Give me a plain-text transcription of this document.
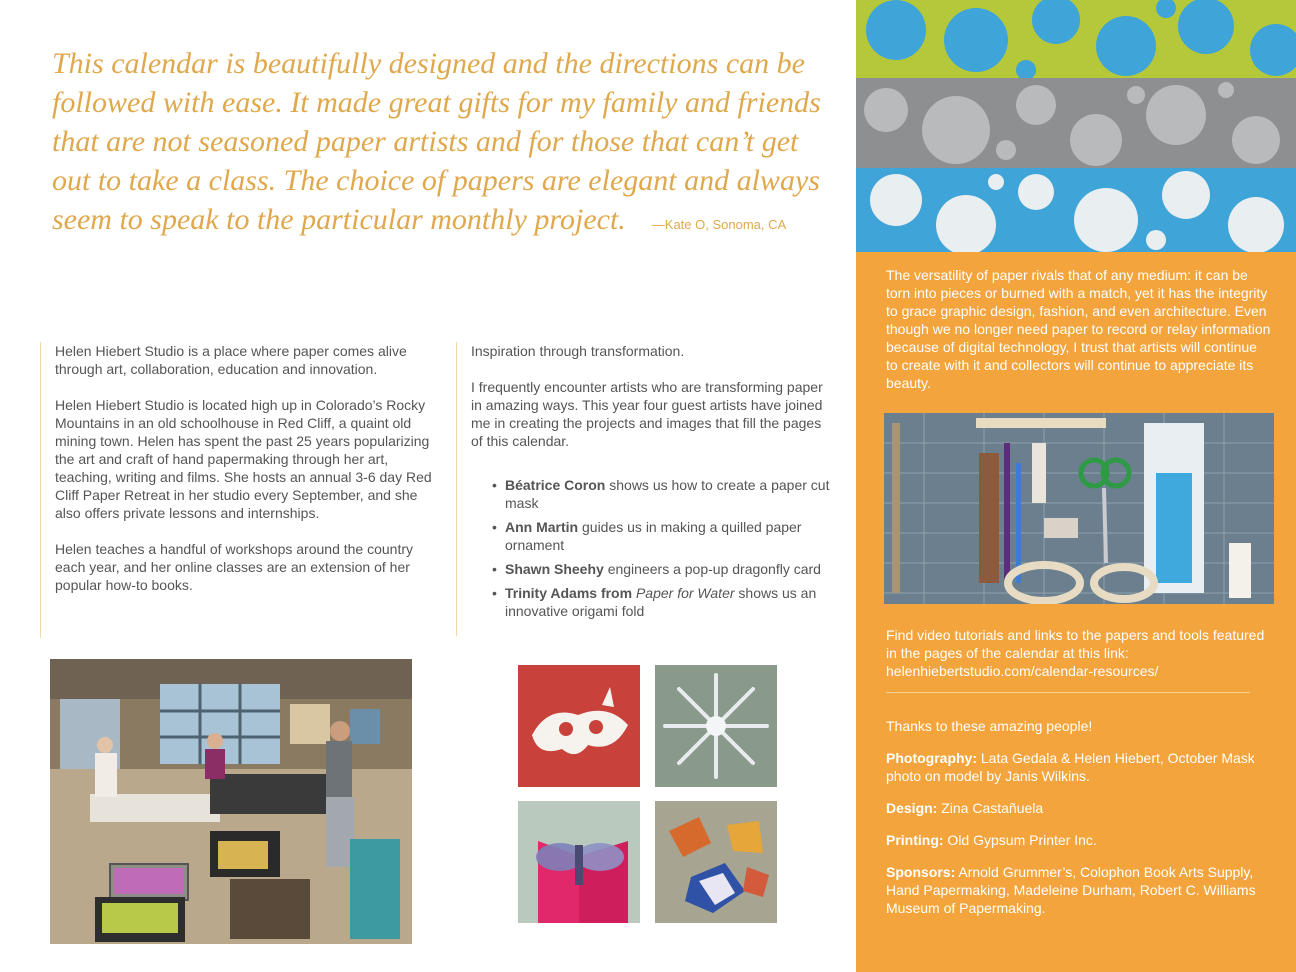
This calendar is beautifully designed and the directions can be followed with ease. It made great gifts for my family and friends that are not seasoned paper artists and for those that can’t get out to take a class. The choice of papers are elegant and always seem to speak to the particular monthly project. —Kate O, Sonoma, CA

Helen Hiebert Studio is a place where paper comes alive through art, collaboration, education and innovation.

Helen Hiebert Studio is located high up in Colorado’s Rocky Mountains in an old schoolhouse in Red Cliff, a quaint old mining town. Helen has spent the past 25 years popularizing the art and craft of hand papermaking through her art, teaching, writing and films. She hosts an annual 3-6 day Red Cliff Paper Retreat in her studio every September, and she also offers private lessons and internships.

Helen teaches a handful of workshops around the country each year, and her online classes are an extension of her popular how-to books.

Inspiration through transformation.

I frequently encounter artists who are transforming paper in amazing ways. This year four guest artists have joined me in creating the projects and images that fill the pages of this calendar.

• Béatrice Coron shows us how to create a paper cut mask
• Ann Martin guides us in making a quilled paper ornament
• Shawn Sheehy engineers a pop-up dragonfly card
• Trinity Adams from Paper for Water shows us an innovative origami fold

The versatility of paper rivals that of any medium: it can be torn into pieces or burned with a match, yet it has the integrity to grace graphic design, fashion, and even architecture. Even though we no longer need paper to record or relay information because of digital technology, I trust that artists will continue to create with it and collectors will continue to appreciate its beauty.

Find video tutorials and links to the papers and tools featured in the pages of the calendar at this link:
helenhiebertstudio.com/calendar-resources/

Thanks to these amazing people!

Photography: Lata Gedala & Helen Hiebert, October Mask photo on model by Janis Wilkins.

Design: Zina Castañuela

Printing: Old Gypsum Printer Inc.

Sponsors: Arnold Grummer’s, Colophon Book Arts Supply, Hand Papermaking, Madeleine Durham, Robert C. Williams Museum of Papermaking.
